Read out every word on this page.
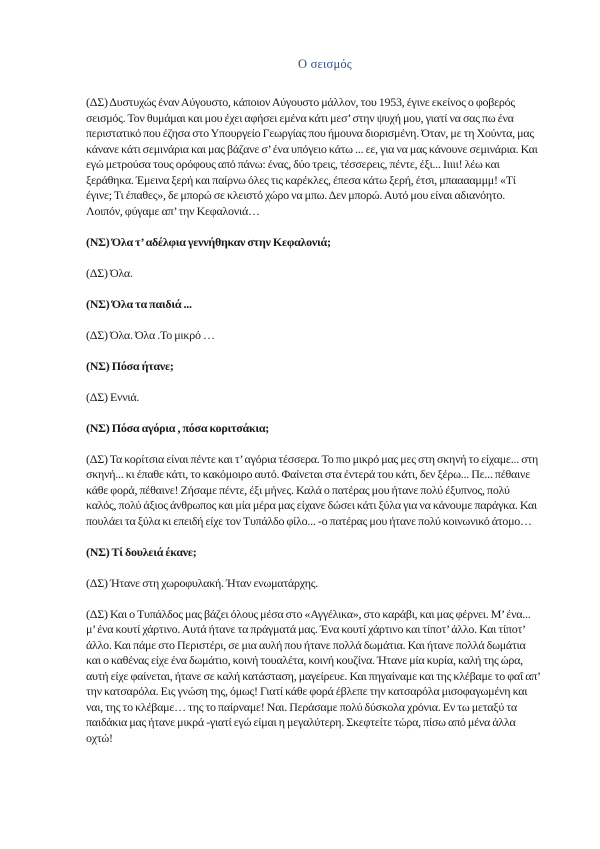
Ο σεισμός

(ΔΣ) Δυστυχώς έναν Αύγουστο, κάποιον Αύγουστο μάλλον, του 1953, έγινε εκείνος ο φοβερός σεισμός. Τον θυμάμαι και μου έχει αφήσει εμένα κάτι μεσ’ στην ψυχή μου, γιατί να σας πω ένα περιστατικό που έζησα στο Υπουργείο Γεωργίας που ήμουνα διορισμένη. Όταν, με τη Χούντα, μας κάνανε κάτι σεμινάρια και μας βάζανε σ’ ένα υπόγειο κάτω ... εε, για να μας κάνουνε σεμινάρια. Και εγώ μετρούσα τους ορόφους από πάνω: ένας, δύο τρεις, τέσσερεις, πέντε, έξι... Ιιιιι! λέω και ξεράθηκα. Έμεινα ξερή και παίρνω όλες τις καρέκλες, έπεσα κάτω ξερή, έτσι, μπααααμμμ! «Τί έγινε; Τι έπαθες», δε μπορώ σε κλειστό χώρο να μπω. Δεν μπορώ. Αυτό μου είναι αδιανόητο. Λοιπόν, φύγαμε απ’ την Κεφαλονιά…

(ΝΣ) Όλα τ’ αδέλφια γεννήθηκαν στην Κεφαλονιά;

(ΔΣ) Όλα.

(ΝΣ) Όλα τα παιδιά ...

(ΔΣ) Όλα. Όλα .Το μικρό …

(ΝΣ) Πόσα ήτανε;

(ΔΣ) Εννιά.

(ΝΣ) Πόσα αγόρια , πόσα κοριτσάκια;

(ΔΣ) Τα κορίτσια είναι πέντε και τ’ αγόρια τέσσερα. Το πιο μικρό μας μες στη σκηνή το είχαμε... στη σκηνή... κι έπαθε κάτι, το κακόμοιρο αυτό. Φαίνεται στα έντερά του κάτι, δεν ξέρω... Πε... πέθαινε κάθε φορά, πέθαινε! Ζήσαμε πέντε, έξι μήνες. Καλά ο πατέρας μου ήτανε πολύ έξυπνος, πολύ καλός, πολύ άξιος άνθρωπος και μία μέρα μας είχανε δώσει κάτι ξύλα για να κάνουμε παράγκα. Και πουλάει τα ξύλα κι επειδή είχε τον Τυπάλδο φίλο... -ο πατέρας μου ήτανε πολύ κοινωνικό άτομο…

(ΝΣ) Τί δουλειά έκανε;

(ΔΣ) Ήτανε στη χωροφυλακή. Ήταν ενωματάρχης.

(ΔΣ) Και ο Τυπάλδος μας βάζει όλους μέσα στο «Αγγέλικα», στο καράβι, και μας φέρνει. Μ’ ένα... μ’ ένα κουτί χάρτινο. Αυτά ήτανε τα πράγματά μας. Ένα κουτί χάρτινο και τίποτ’ άλλο. Και τίποτ’ άλλο. Και πάμε στο Περιστέρι, σε μια αυλή που ήτανε πολλά δωμάτια. Και ήτανε πολλά δωμάτια και ο καθένας είχε ένα δωμάτιο, κοινή τουαλέτα, κοινή κουζίνα. Ήτανε μία κυρία, καλή της ώρα, αυτή είχε φαίνεται, ήτανε σε καλή κατάσταση, μαγείρευε. Και πηγαίναμε και της κλέβαμε το φαΐ απ’ την κατσαρόλα. Εις γνώση της, όμως! Γιατί κάθε φορά έβλεπε την κατσαρόλα μισοφαγωμένη και ναι, της το κλέβαμε… της το παίρναμε! Ναι. Περάσαμε πολύ δύσκολα χρόνια. Εν τω μεταξύ τα παιδάκια μας ήτανε μικρά -γιατί εγώ είμαι η μεγαλύτερη. Σκεφτείτε τώρα, πίσω από μένα άλλα οχτώ!
